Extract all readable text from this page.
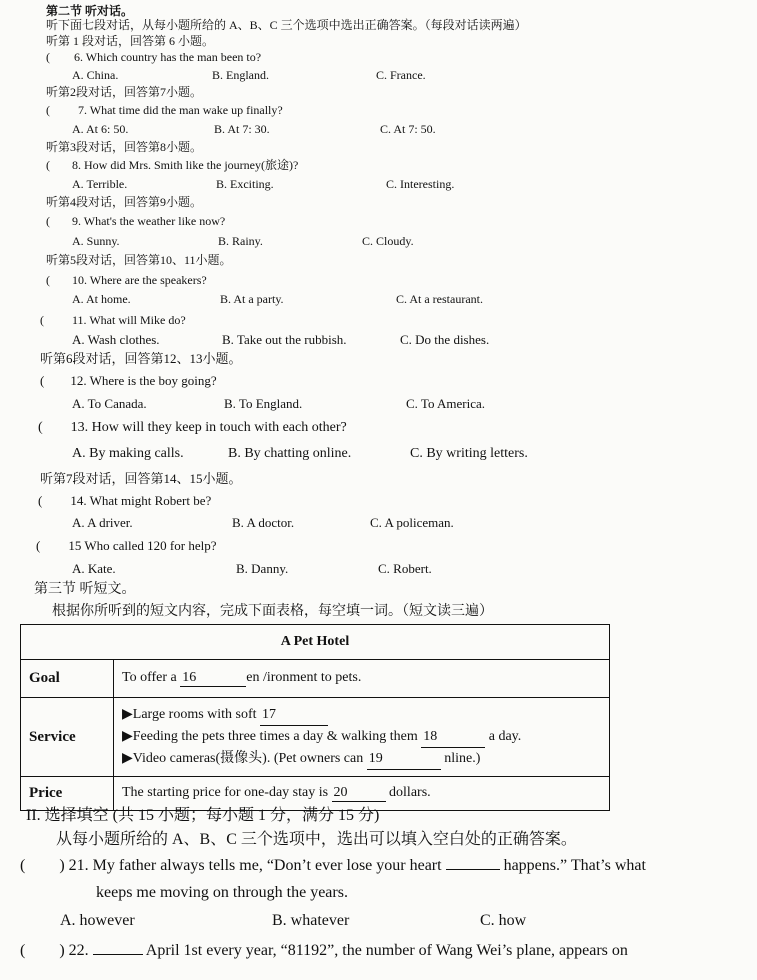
第二节 听对话。
听下面七段对话，从每小题所给的 A、B、C 三个选项中选出正确答案。（每段对话读两遍）
听第 1 段对话，回答第 6 小题。
( 6. Which country has the man been to?
A. China.	B. England.	C. France.
听第2段对话，回答第7小题。
( 7. What time did the man wake up finally?
A. At 6: 50.	B. At 7: 30.	C. At 7: 50.
听第3段对话，回答第8小题。
( 8. How did Mrs. Smith like the journey(旅途)?
A. Terrible.	B. Exciting.	C. Interesting.
听第4段对话，回答第9小题。
( 9. What's the weather like now?
A. Sunny.	B. Rainy.	C. Cloudy.
听第5段对话，回答第10、11小题。
( 10. Where are the speakers?
A. At home.	B. At a party.	C. At a restaurant.
( 11. What will Mike do?
A. Wash clothes.	B. Take out the rubbish.	C. Do the dishes.
听第6段对话，回答第12、13小题。
( 12. Where is the boy going?
A. To Canada.	B. To England.	C. To America.
( 13. How will they keep in touch with each other?
A. By making calls.	B. By chatting online.	C. By writing letters.
听第7段对话，回答第14、15小题。
( 14. What might Robert be?
A. A driver.	B. A doctor.	C. A policeman.
( 15 Who called 120 for help?
A. Kate.	B. Danny.	C. Robert.
第三节 听短文。
根据你所听到的短文内容，完成下面表格，每空填一词。（短文读三遍）
A Pet Hotel	
Goal	To offer a 16 en /ironment to pets.
Service	▶Large rooms with soft 17
▶Feeding the pets three times a day & walking them 18 a day.
▶Video cameras(摄像头). (Pet owners can 19 nline.)

Price	The starting price for one-day stay is 20 dollars.
II. 选择填空 (共 15 小题；每小题 1 分，满分 15 分)
从每小题所给的 A、B、C 三个选项中，选出可以填入空白处的正确答案。
( ) 21. My father always tells me, “Don’t ever lose your heart	happens.” That’s what
keeps me moving on through the years.
A. however	B. whatever	C. how
( ) 22.	April 1st every year, “81192”, the number of Wang Wei’s plane, appears on
